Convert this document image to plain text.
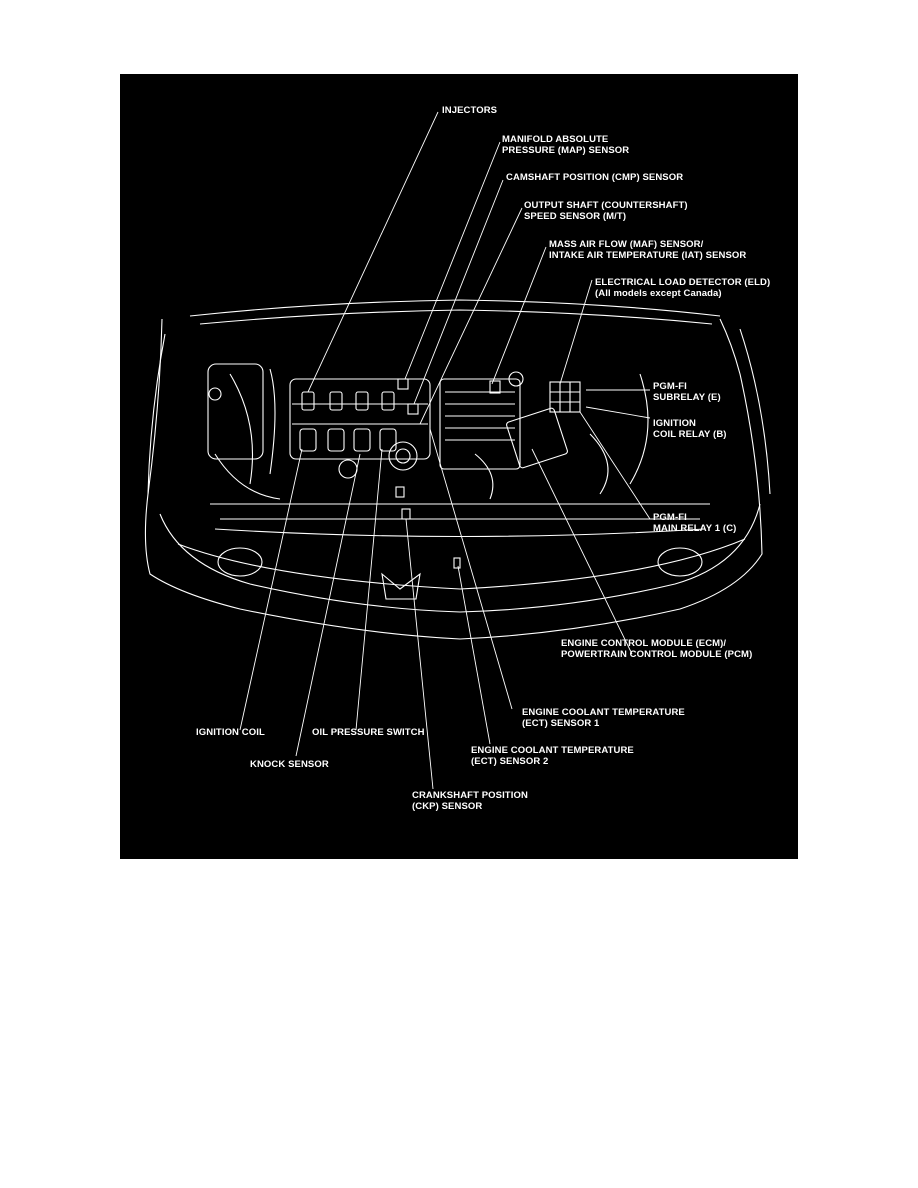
INJECTORS
MANIFOLD ABSOLUTE
PRESSURE (MAP) SENSOR
CAMSHAFT POSITION (CMP) SENSOR
OUTPUT SHAFT (COUNTERSHAFT)
SPEED SENSOR (M/T)
MASS AIR FLOW (MAF) SENSOR/
INTAKE AIR TEMPERATURE (IAT) SENSOR
ELECTRICAL LOAD DETECTOR (ELD)
(All models except Canada)
PGM-FI
SUBRELAY (E)
IGNITION
COIL RELAY (B)
PGM-FI
MAIN RELAY 1 (C)
ENGINE CONTROL MODULE (ECM)/
POWERTRAIN CONTROL MODULE (PCM)
ENGINE COOLANT TEMPERATURE
(ECT) SENSOR 1
IGNITION COIL	OIL PRESSURE SWITCH
ENGINE COOLANT TEMPERATURE
(ECT) SENSOR 2
KNOCK SENSOR
CRANKSHAFT POSITION
(CKP) SENSOR
